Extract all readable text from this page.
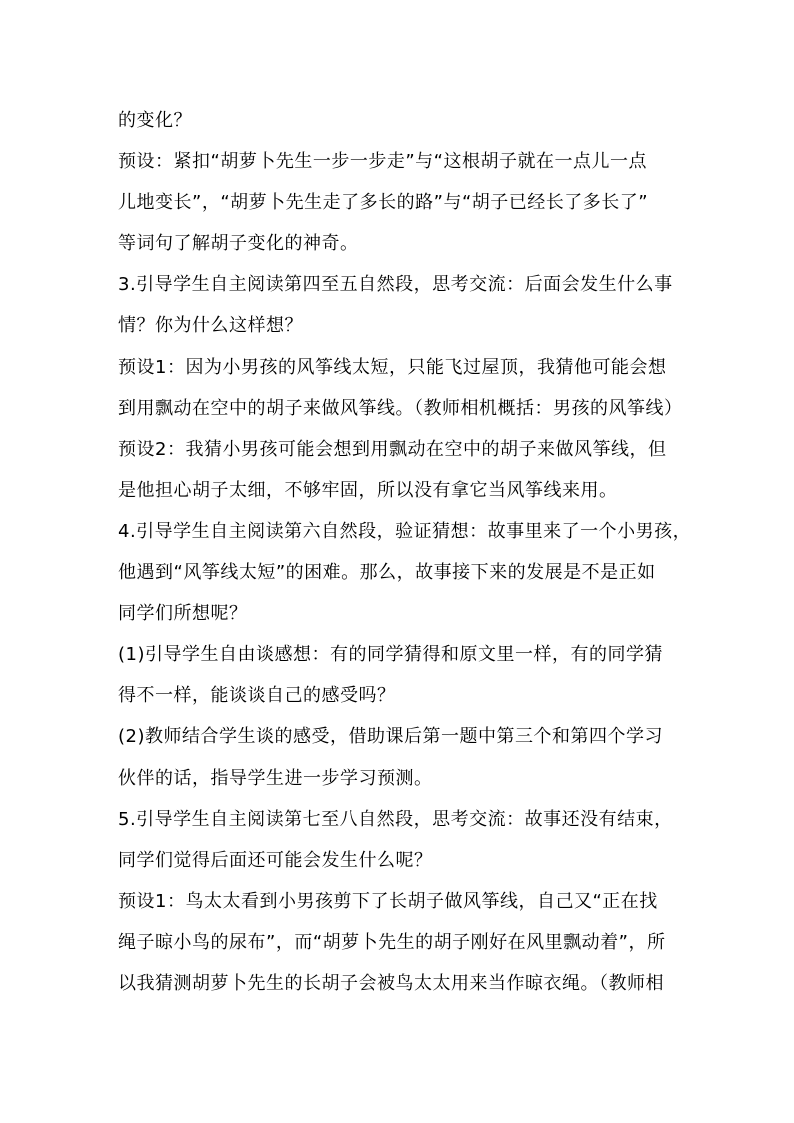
的变化？
预设：紧扣“胡萝卜先生一步一步走”与“这根胡子就在一点儿一点
儿地变长”，“胡萝卜先生走了多长的路”与“胡子已经长了多长了”
等词句了解胡子变化的神奇。
3.引导学生自主阅读第四至五自然段，思考交流：后面会发生什么事
情？你为什么这样想？
预设1：因为小男孩的风筝线太短，只能飞过屋顶，我猜他可能会想
到用飘动在空中的胡子来做风筝线。（教师相机概括：男孩的风筝线）
预设2：我猜小男孩可能会想到用飘动在空中的胡子来做风筝线，但
是他担心胡子太细，不够牢固，所以没有拿它当风筝线来用。
4.引导学生自主阅读第六自然段，验证猜想：故事里来了一个小男孩，
他遇到“风筝线太短”的困难。那么，故事接下来的发展是不是正如
同学们所想呢？
(1)引导学生自由谈感想：有的同学猜得和原文里一样，有的同学猜
得不一样，能谈谈自己的感受吗？
(2)教师结合学生谈的感受，借助课后第一题中第三个和第四个学习
伙伴的话，指导学生进一步学习预测。
5.引导学生自主阅读第七至八自然段，思考交流：故事还没有结束，
同学们觉得后面还可能会发生什么呢？
预设1：鸟太太看到小男孩剪下了长胡子做风筝线，自己又“正在找
绳子晾小鸟的尿布”，而“胡萝卜先生的胡子刚好在风里飘动着”，所
以我猜测胡萝卜先生的长胡子会被鸟太太用来当作晾衣绳。（教师相
